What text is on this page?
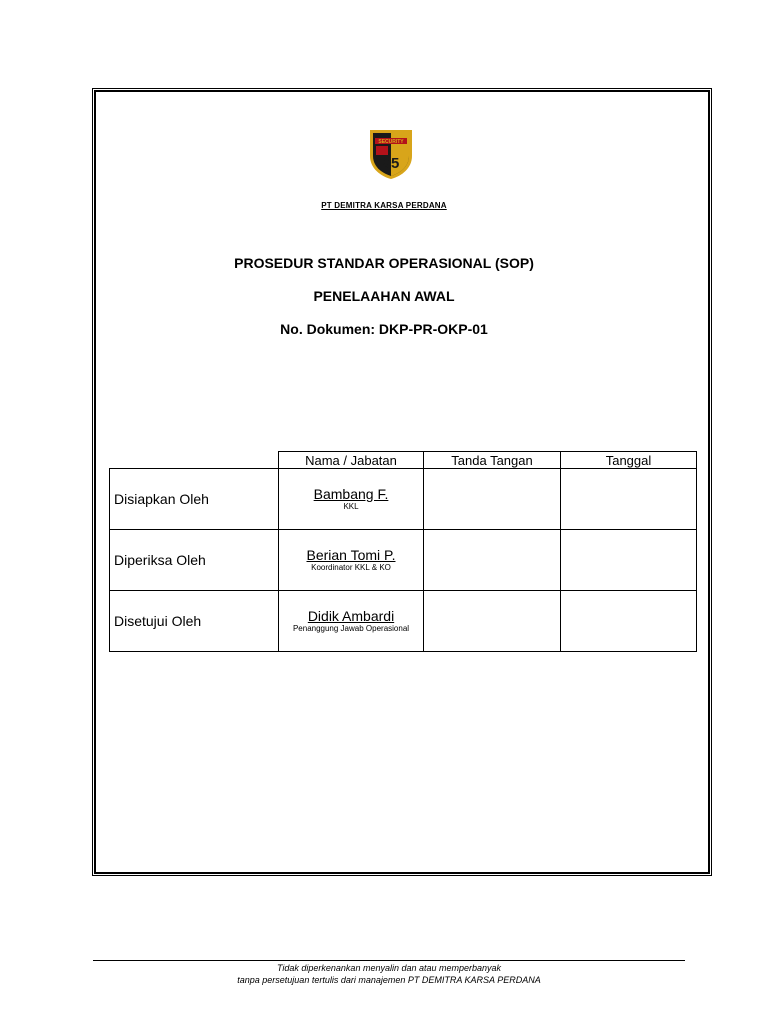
SECURITY
a5
PT DEMITRA KARSA PERDANA
PROSEDUR STANDAR OPERASIONAL (SOP)
PENELAAHAN AWAL
No. Dokumen: DKP-PR-OKP-01
	Nama / Jabatan	Tanda Tangan	Tanggal
Disiapkan Oleh	Bambang F.
KKL		

Diperiksa Oleh	Berian Tomi P.
Koordinator KKL & KO		

Disetujui Oleh	Didik Ambardi
Penanggung Jawab Operasional		

Tidak diperkenankan menyalin dan atau memperbanyak
tanpa persetujuan tertulis dari manajemen PT DEMITRA KARSA PERDANA
